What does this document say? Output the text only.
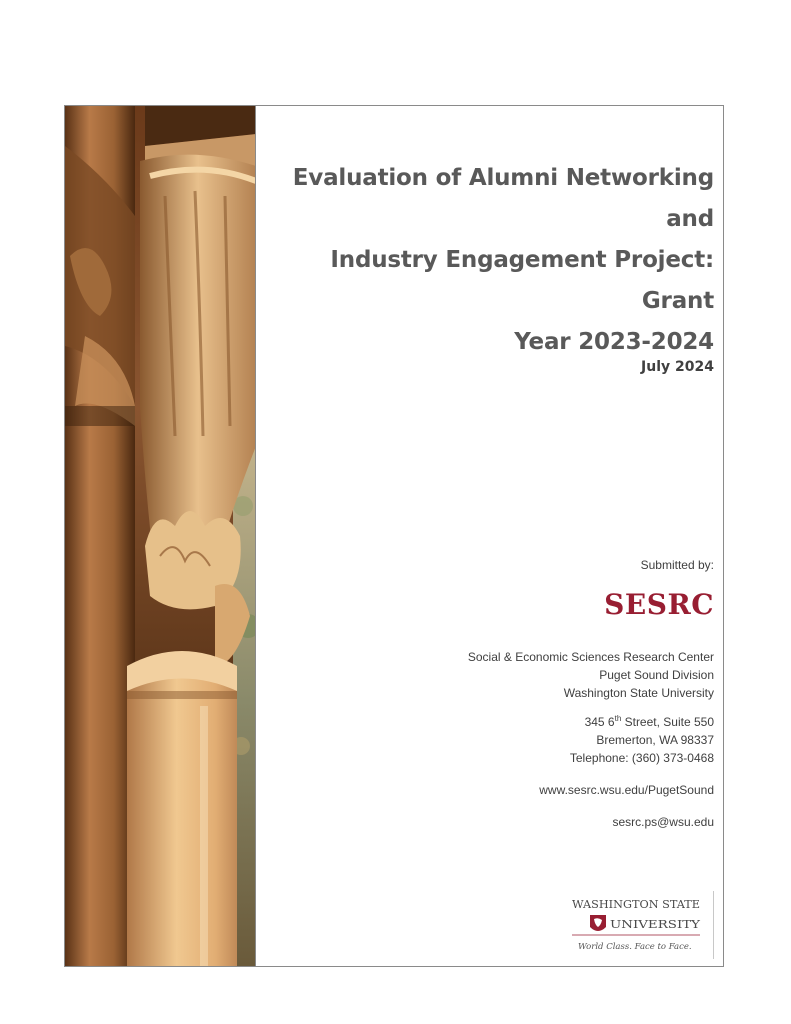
Evaluation of Alumni Networking and
Industry Engagement Project: Grant
Year 2023-2024
July 2024
Submitted by:
SESRC
Social & Economic Sciences Research Center
Puget Sound Division
Washington State University
345 6th Street, Suite 550
Bremerton, WA 98337
Telephone: (360) 373-0468
www.sesrc.wsu.edu/PugetSound
sesrc.ps@wsu.edu
WASHINGTON STATE
UNIVERSITY
World Class. Face to Face.
